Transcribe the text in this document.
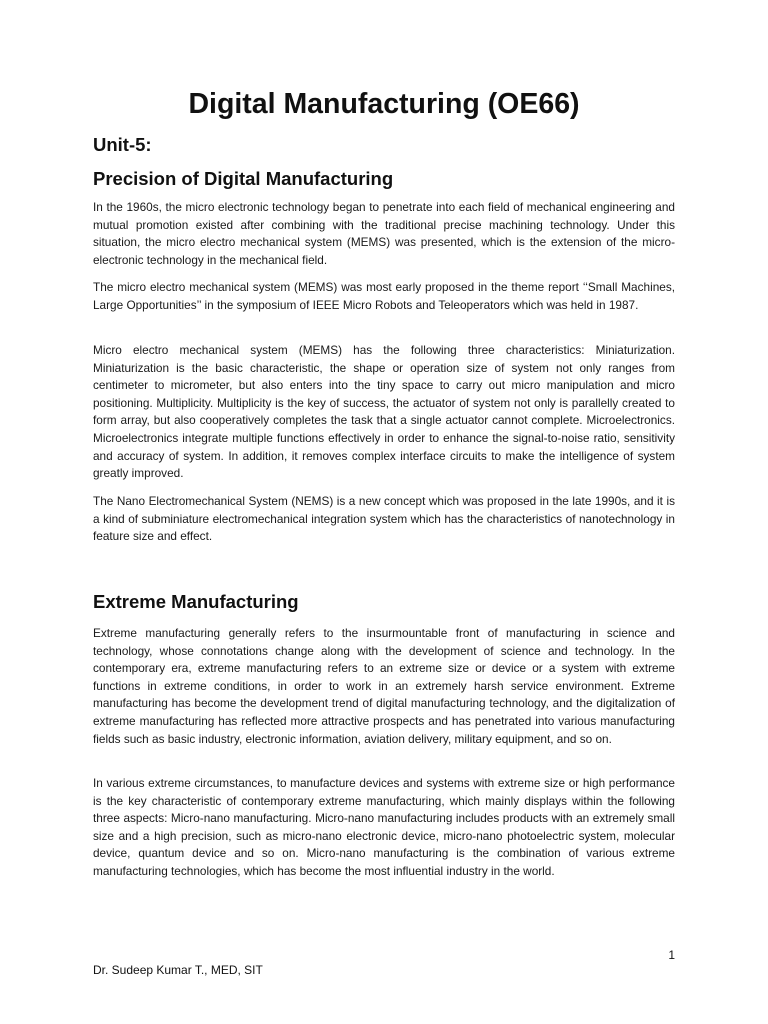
Digital Manufacturing (OE66)
Unit-5:
Precision of Digital Manufacturing

In the 1960s, the micro electronic technology began to penetrate into each field of mechanical engineering and mutual promotion existed after combining with the traditional precise machining technology. Under this situation, the micro electro mechanical system (MEMS) was presented, which is the extension of the micro‐electronic technology in the mechanical field.

The micro electro mechanical system (MEMS) was most early proposed in the theme report ‘‘Small Machines, Large Opportunities’’ in the symposium of IEEE Micro Robots and Teleoperators which was held in 1987.

Micro electro mechanical system (MEMS) has the following three characteristics: Miniaturization. Miniaturization is the basic characteristic, the shape or operation size of system not only ranges from centimeter to micrometer, but also enters into the tiny space to carry out micro manipulation and micro positioning. Multiplicity. Multiplicity is the key of success, the actuator of system not only is parallelly created to form array, but also cooperatively completes the task that a single actuator cannot complete. Microelectronics. Microelectronics integrate multiple functions effectively in order to enhance the signal-to-noise ratio, sensitivity and accuracy of system. In addition, it removes complex interface circuits to make the intelligence of system greatly improved.

The Nano Electromechanical System (NEMS) is a new concept which was proposed in the late 1990s, and it is a kind of subminiature electromechanical integration system which has the characteristics of nanotechnology in feature size and effect.

Extreme Manufacturing

Extreme manufacturing generally refers to the insurmountable front of manufacturing in science and technology, whose connotations change along with the development of science and technology. In the contemporary era, extreme manufacturing refers to an extreme size or device or a system with extreme functions in extreme conditions, in order to work in an extremely harsh service environment. Extreme manufacturing has become the development trend of digital manufacturing technology, and the digitalization of extreme manufacturing has reflected more attractive prospects and has penetrated into various manufacturing fields such as basic industry, electronic information, aviation delivery, military equipment, and so on.

In various extreme circumstances, to manufacture devices and systems with extreme size or high performance is the key characteristic of contemporary extreme manufacturing, which mainly displays within the following three aspects: Micro-nano manufacturing. Micro-nano manufacturing includes products with an extremely small size and a high precision, such as micro-nano electronic device, micro-nano photoelectric system, molecular device, quantum device and so on. Micro-nano manufacturing is the combination of various extreme manufacturing technologies, which has become the most influential industry in the world.

1
Dr. Sudeep Kumar T., MED, SIT
